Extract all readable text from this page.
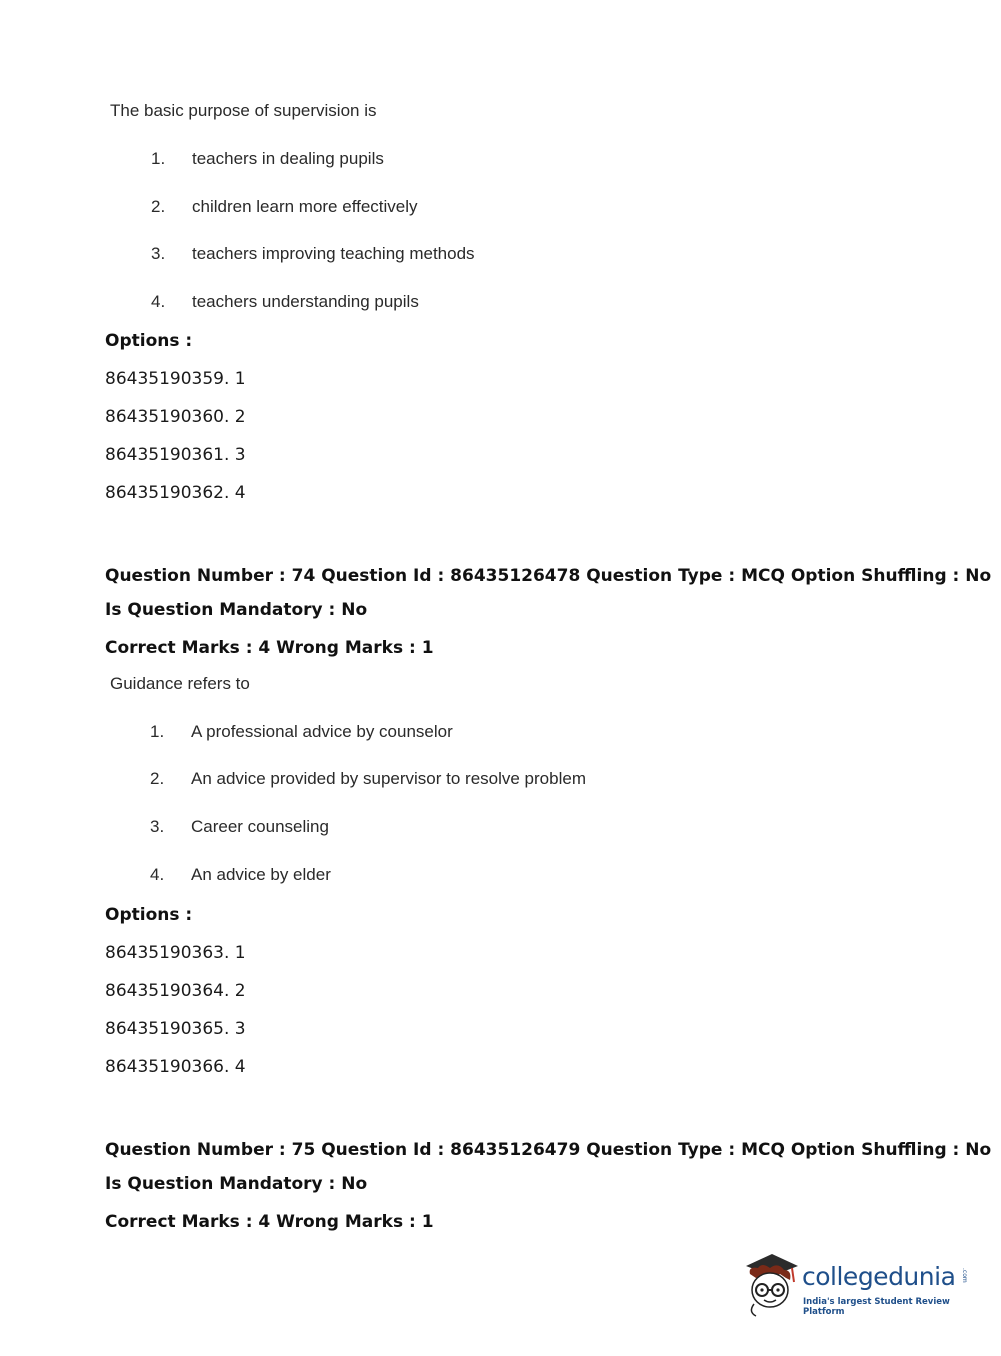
The basic purpose of supervision is
1. teachers in dealing pupils
2. children learn more effectively
3. teachers improving teaching methods
4. teachers understanding pupils
Options :
86435190359. 1
86435190360. 2
86435190361. 3
86435190362. 4
Question Number : 74 Question Id : 86435126478 Question Type : MCQ Option Shuffling : No
Is Question Mandatory : No
Correct Marks : 4 Wrong Marks : 1
Guidance refers to
1. A professional advice by counselor
2. An advice provided by supervisor to resolve problem
3. Career counseling
4. An advice by elder
Options :
86435190363. 1
86435190364. 2
86435190365. 3
86435190366. 4
Question Number : 75 Question Id : 86435126479 Question Type : MCQ Option Shuffling : No
Is Question Mandatory : No
Correct Marks : 4 Wrong Marks : 1
collegedunia .com
India's largest Student Review Platform
